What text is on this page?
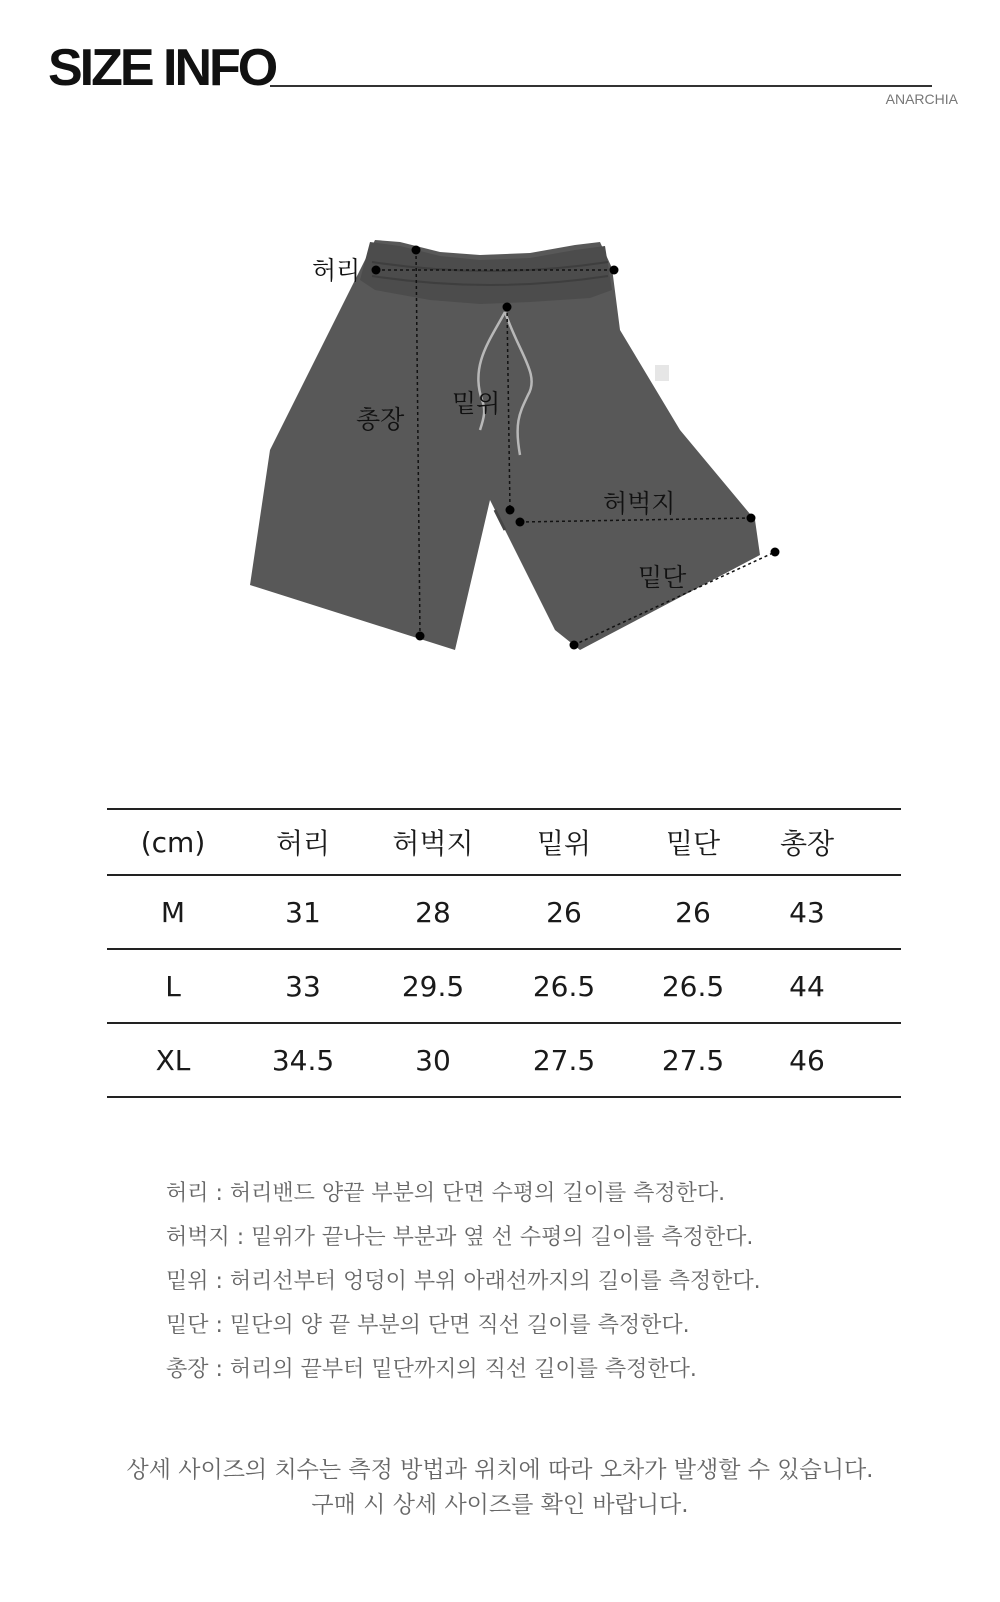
SIZE INFO
ANARCHIA
허리
총장
밑위
허벅지
밑단
(cm)	허리	허벅지	밑위	밑단	총장	
M	31	28	26	26	43	
L	33	29.5	26.5	26.5	44	
XL	34.5	30	27.5	27.5	46	
허리 : 허리밴드 양끝 부분의 단면 수평의 길이를 측정한다.
허벅지 : 밑위가 끝나는 부분과 옆 선 수평의 길이를 측정한다.
밑위 : 허리선부터 엉덩이 부위 아래선까지의 길이를 측정한다.
밑단 : 밑단의 양 끝 부분의 단면 직선 길이를 측정한다.
총장 : 허리의 끝부터 밑단까지의 직선 길이를 측정한다.
상세 사이즈의 치수는 측정 방법과 위치에 따라 오차가 발생할 수 있습니다.
구매 시 상세 사이즈를 확인 바랍니다.
